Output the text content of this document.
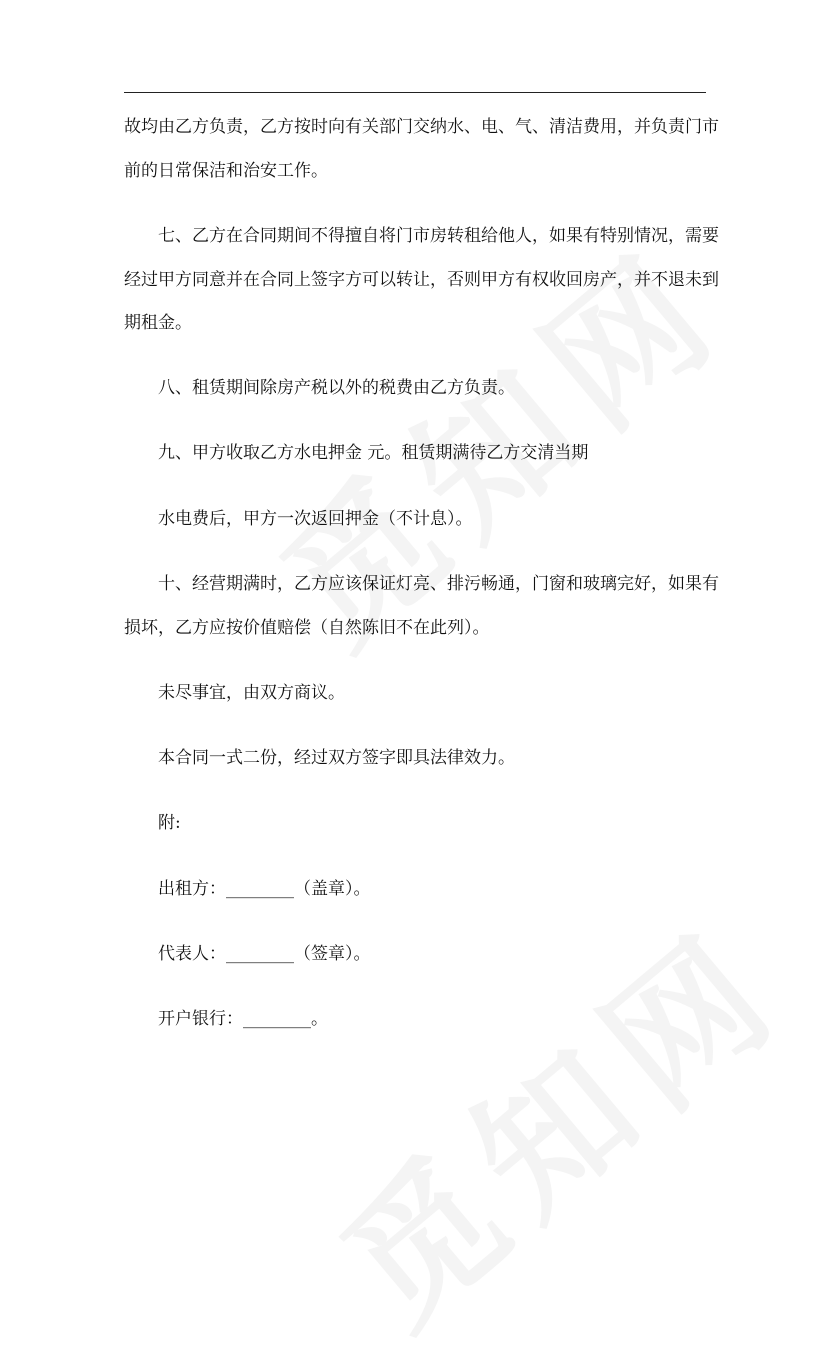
故均由乙方负责，乙方按时向有关部门交纳水、电、气、清洁费用，并负责门市
前的日常保洁和治安工作。
七、乙方在合同期间不得擅自将门市房转租给他人，如果有特别情况，需要
经过甲方同意并在合同上签字方可以转让，否则甲方有权收回房产，并不退未到
期租金。
八、租赁期间除房产税以外的税费由乙方负责。
九、甲方收取乙方水电押金 元。租赁期满待乙方交清当期
水电费后，甲方一次返回押金（不计息）。
十、经营期满时，乙方应该保证灯亮、排污畅通，门窗和玻璃完好，如果有
损坏，乙方应按价值赔偿（自然陈旧不在此列）。
未尽事宜，由双方商议。
本合同一式二份，经过双方签字即具法律效力。
附:
出租方：________（盖章）。
代表人：________（签章）。
开户银行：________。
